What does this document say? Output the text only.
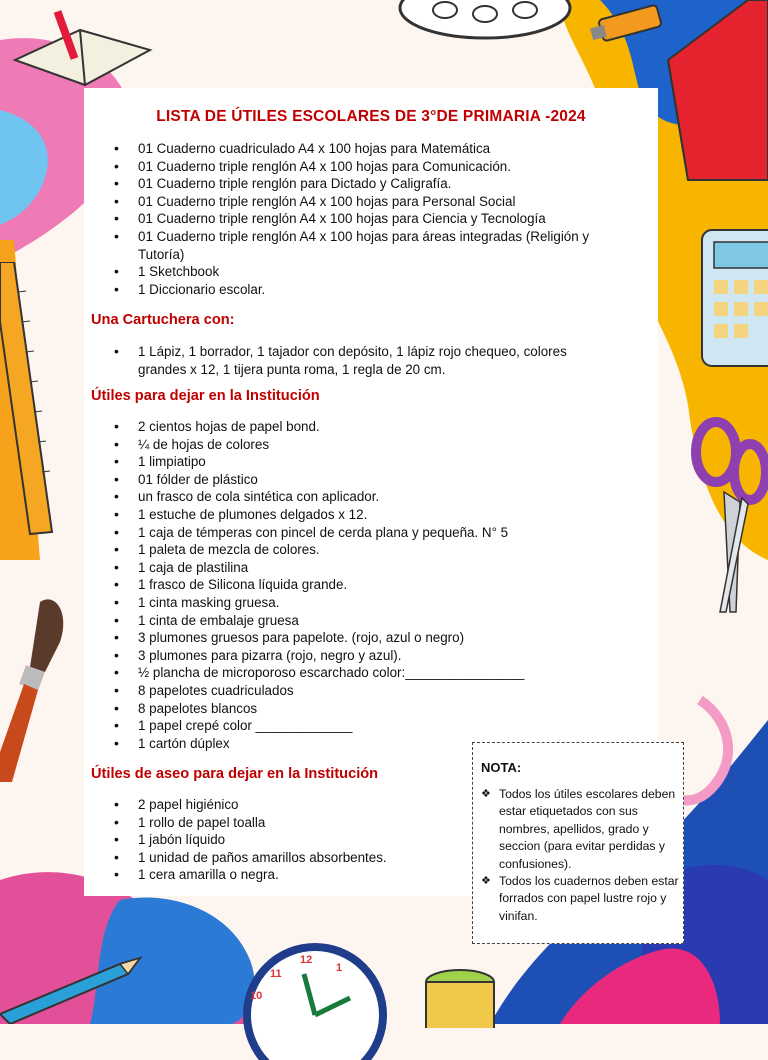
11
12
1
10
LISTA DE ÚTILES ESCOLARES DE 3°DE PRIMARIA -2024
• 01 Cuaderno cuadriculado A4 x 100 hojas para Matemática
• 01 Cuaderno triple renglón A4 x 100 hojas para Comunicación.
• 01 Cuaderno triple renglón para Dictado y Caligrafía.
• 01 Cuaderno triple renglón A4 x 100 hojas para Personal Social
• 01 Cuaderno triple renglón A4 x 100 hojas para Ciencia y Tecnología
• 01 Cuaderno triple renglón A4 x 100 hojas para áreas integradas (Religión y Tutoría)
• 1 Sketchbook
• 1 Diccionario escolar.
Una Cartuchera con:
• 1 Lápiz, 1 borrador, 1 tajador con depósito, 1 lápiz rojo chequeo, colores grandes x 12, 1 tijera punta roma, 1 regla de 20 cm.
Útiles para dejar en la Institución
• 2 cientos hojas de papel bond.
• ¼ de hojas de colores
• 1 limpiatipo
• 01 fólder de plástico
• un frasco de cola sintética con aplicador.
• 1 estuche de plumones delgados x 12.
• 1 caja de témperas con pincel de cerda plana y pequeña. N° 5
• 1 paleta de mezcla de colores.
• 1 caja de plastilina
• 1 frasco de Silicona líquida grande.
• 1 cinta masking gruesa.
• 1 cinta de embalaje gruesa
• 3 plumones gruesos para papelote. (rojo, azul o negro)
• 3 plumones para pizarra (rojo, negro y azul).
• ½ plancha de microporoso escarchado color:________________
• 8 papelotes cuadriculados
• 8 papelotes blancos
• 1 papel crepé color _____________
• 1 cartón dúplex
Útiles de aseo para dejar en la Institución
• 2 papel higiénico
• 1 rollo de papel toalla
• 1 jabón líquido
• 1 unidad de paños amarillos absorbentes.
• 1 cera amarilla o negra.
NOTA:
❖ Todos los útiles escolares deben estar etiquetados con sus nombres, apellidos, grado y seccion (para evitar perdidas y confusiones).
❖ Todos los cuadernos deben estar forrados con papel lustre rojo y vinifan.
